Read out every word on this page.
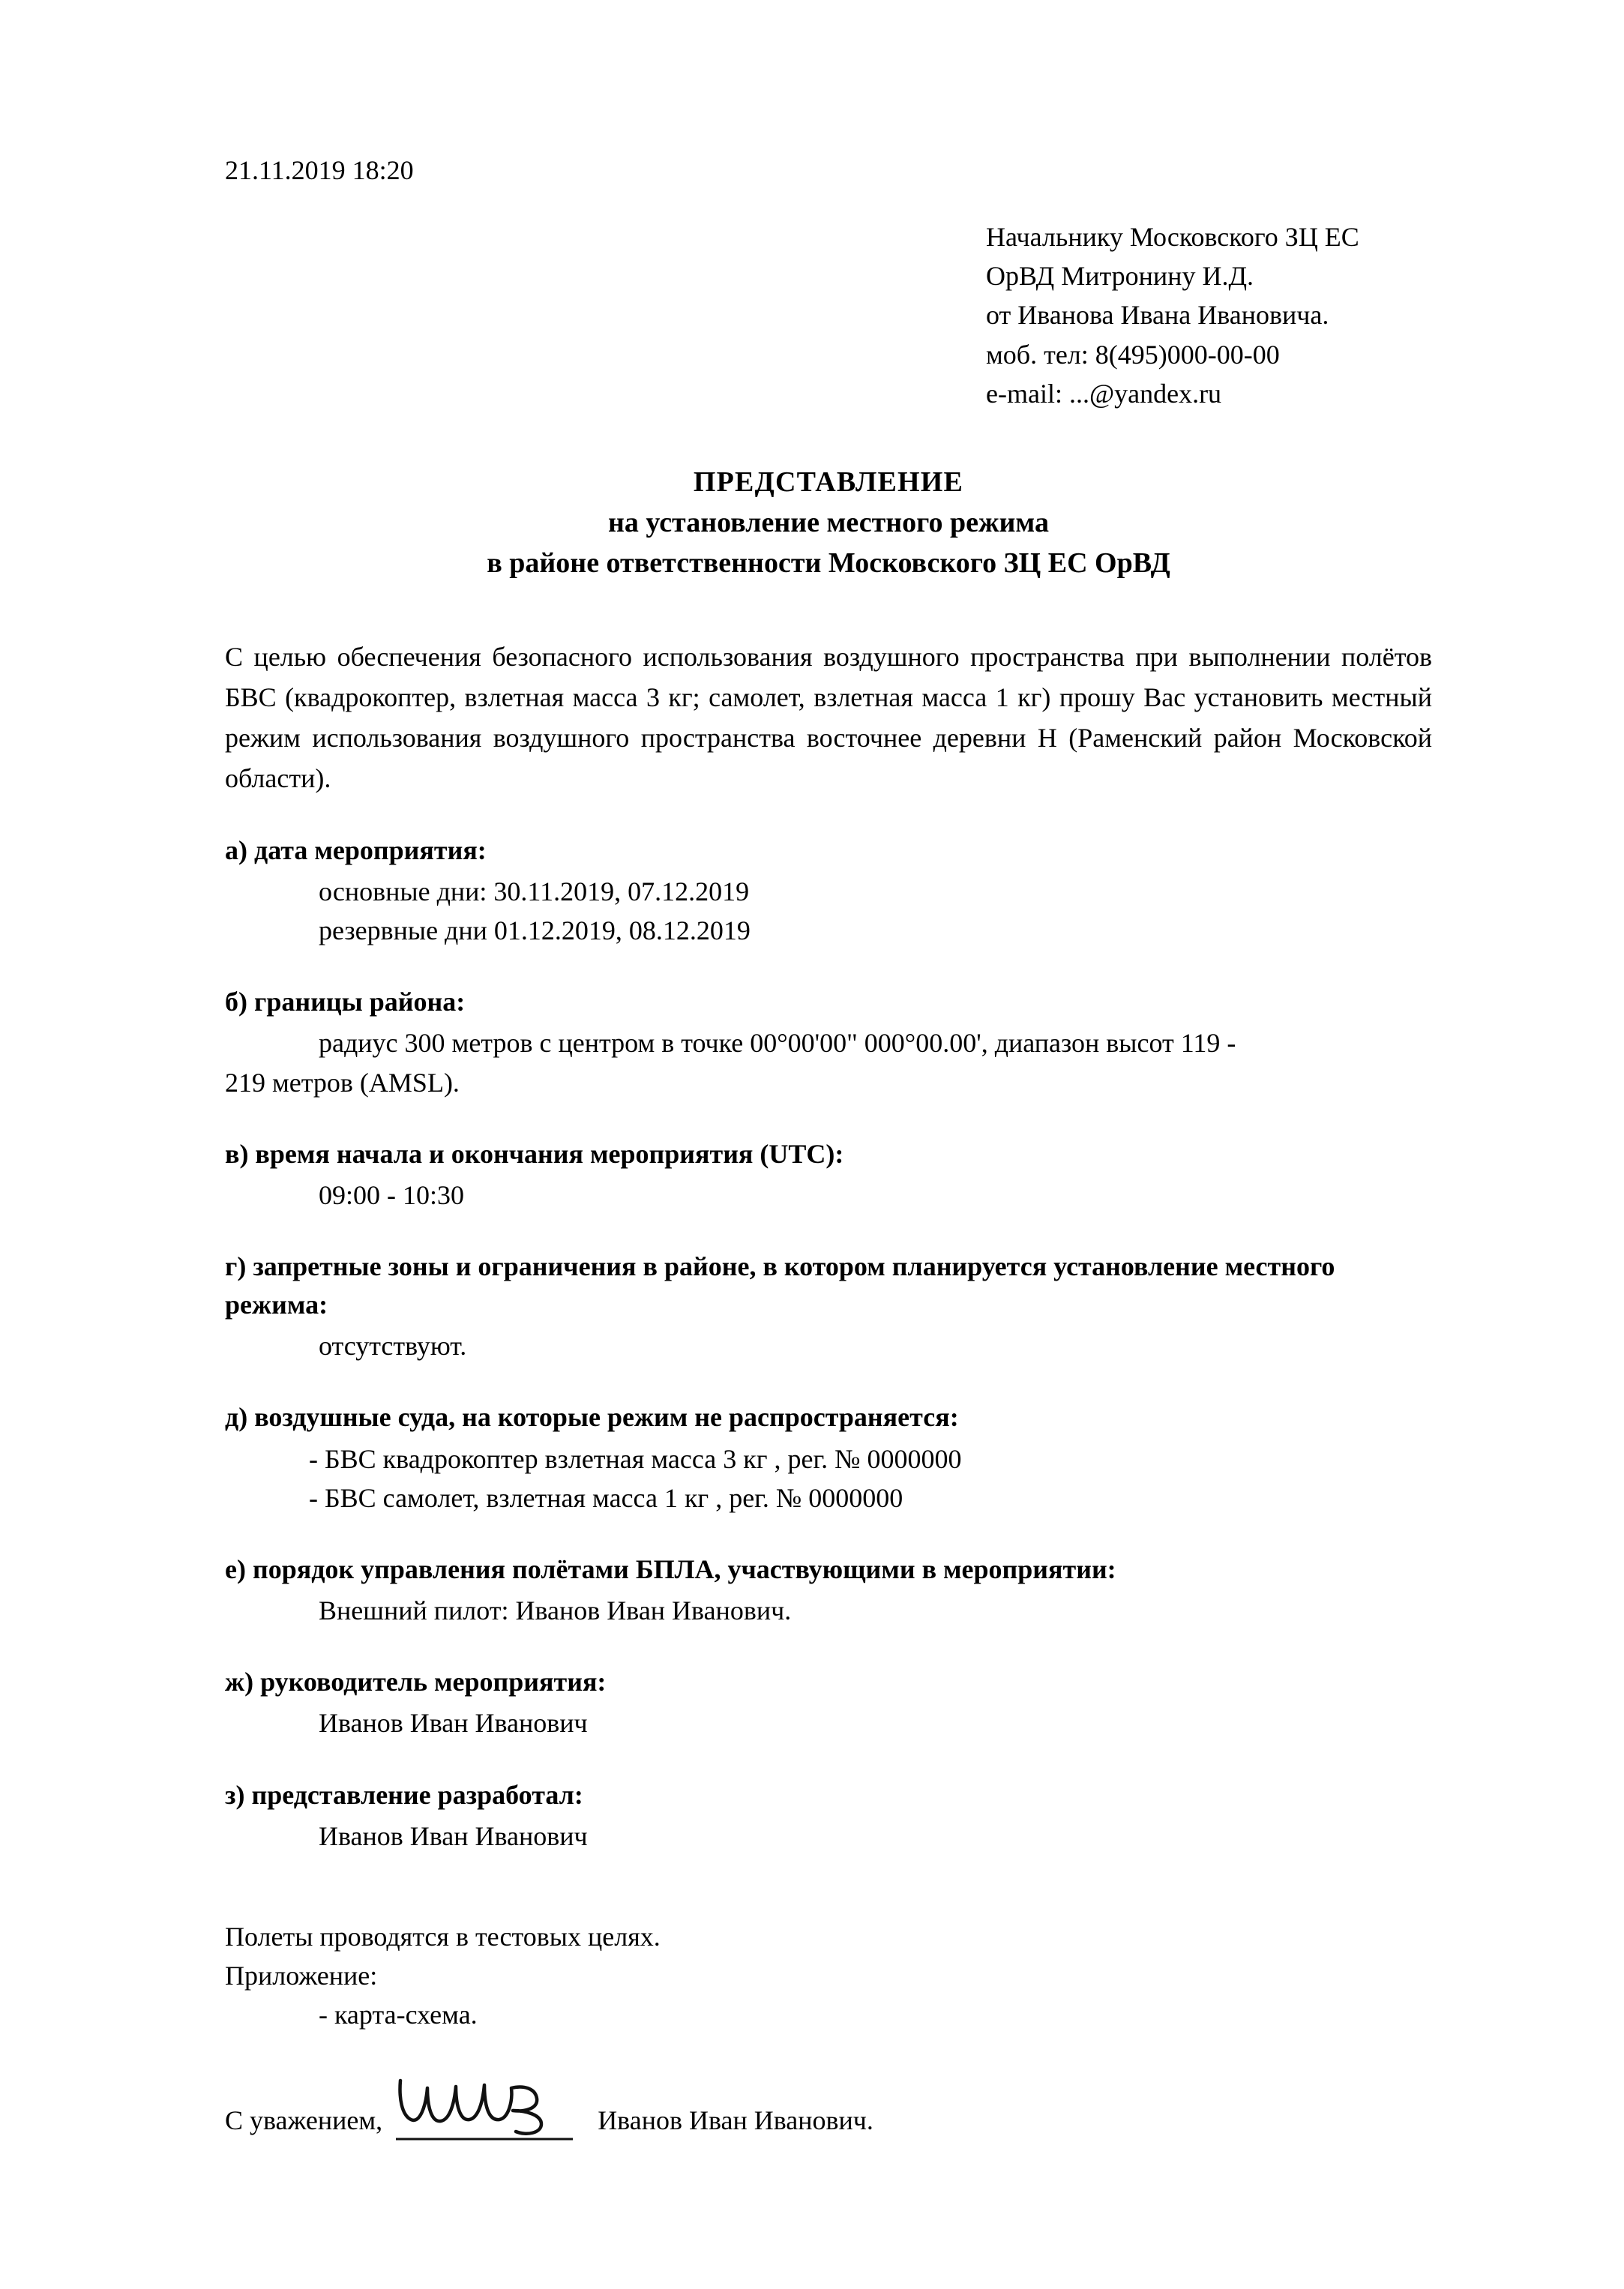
21.11.2019 18:20
Начальнику Московского ЗЦ ЕС
ОрВД Митронину И.Д.
от Иванова Ивана Ивановича.
моб. тел: 8(495)000-00-00
e-mail: ...@yandex.ru
ПРЕДСТАВЛЕНИЕ
на установление местного режима
в районе ответственности Московского ЗЦ ЕС ОрВД
С целью обеспечения безопасного использования воздушного пространства при выполнении полётов БВС (квадрокоптер, взлетная масса 3 кг; самолет, взлетная масса 1 кг) прошу Вас установить местный режим использования воздушного пространства восточнее деревни Н (Раменский район Московской области).
а) дата мероприятия:
основные дни: 30.11.2019, 07.12.2019
резервные дни 01.12.2019, 08.12.2019
б) границы района:
радиус 300 метров с центром в точке 00°00'00" 000°00.00', диапазон высот 119 -
219 метров (AMSL).
в) время начала и окончания мероприятия (UTC):
09:00 - 10:30
г) запретные зоны и ограничения в районе, в котором планируется установление местного режима:
отсутствуют.
д) воздушные суда, на которые режим не распространяется:
- БВС квадрокоптер взлетная масса 3 кг , рег. № 0000000
- БВС самолет, взлетная масса 1 кг , рег. № 0000000
е) порядок управления полётами БПЛА, участвующими в мероприятии:
Внешний пилот: Иванов Иван Иванович.
ж) руководитель мероприятия:
Иванов Иван Иванович
з) представление разработал:
Иванов Иван Иванович
Полеты проводятся в тестовых целях.
Приложение:
- карта-схема.
С уважением,	Иванов Иван Иванович.
